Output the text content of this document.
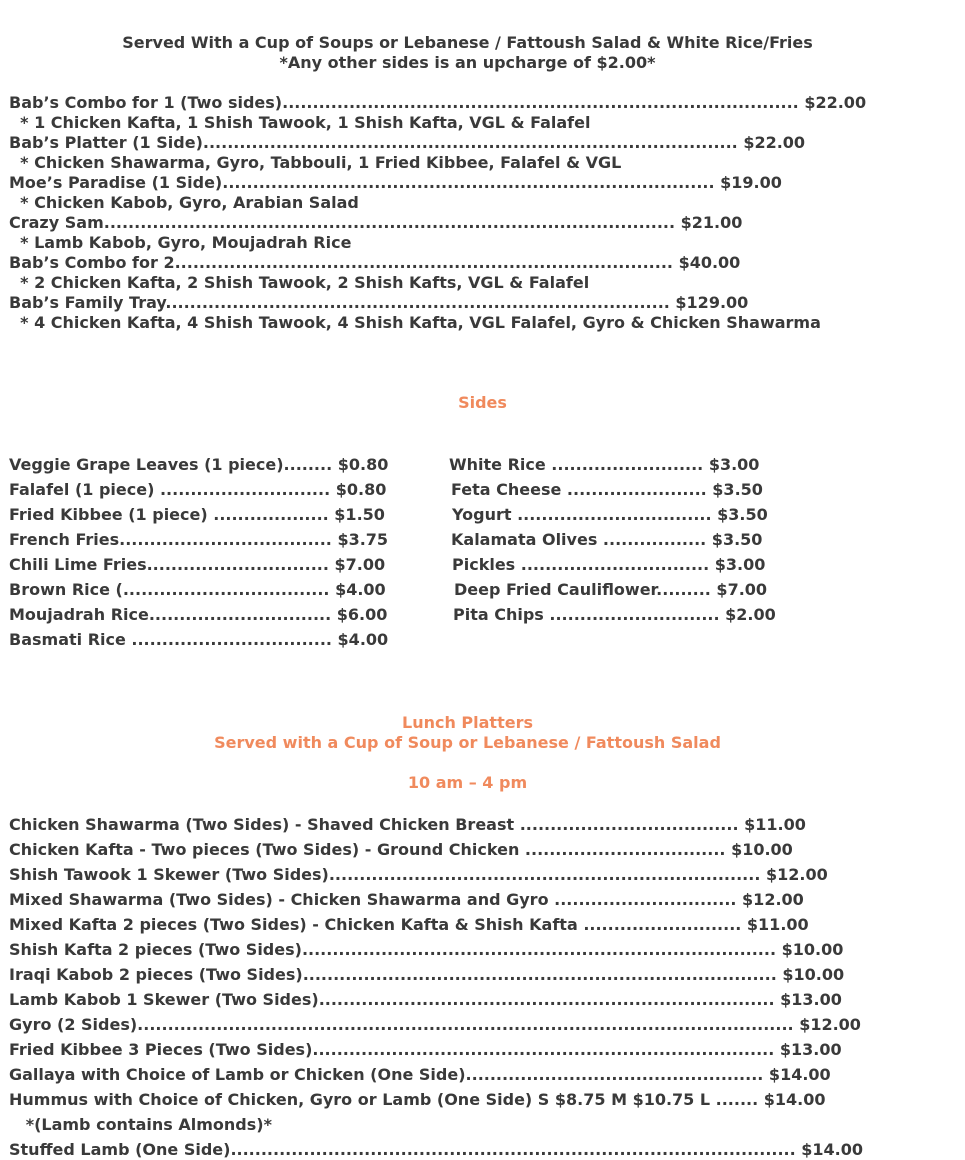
Served With a Cup of Soups or Lebanese / Fattoush Salad & White Rice/Fries
*Any other sides is an upcharge of $2.00*
Bab’s Combo for 1 (Two sides)..................................................................................... $22.00
* 1 Chicken Kafta, 1 Shish Tawook, 1 Shish Kafta, VGL & Falafel
Bab’s Platter (1 Side)........................................................................................ $22.00
* Chicken Shawarma, Gyro, Tabbouli, 1 Fried Kibbee, Falafel & VGL
Moe’s Paradise (1 Side)................................................................................. $19.00
* Chicken Kabob, Gyro, Arabian Salad
Crazy Sam.............................................................................................. $21.00
* Lamb Kabob, Gyro, Moujadrah Rice
Bab’s Combo for 2.................................................................................. $40.00
* 2 Chicken Kafta, 2 Shish Tawook, 2 Shish Kafts, VGL & Falafel
Bab’s Family Tray................................................................................... $129.00
* 4 Chicken Kafta, 4 Shish Tawook, 4 Shish Kafta, VGL Falafel, Gyro & Chicken Shawarma
Sides
Veggie Grape Leaves (1 piece)........ $0.80
Falafel (1 piece) ............................ $0.80
Fried Kibbee (1 piece) ................... $1.50
French Fries................................... $3.75
Chili Lime Fries.............................. $7.00
Brown Rice (.................................. $4.00
Moujadrah Rice.............................. $6.00
Basmati Rice ................................. $4.00
White Rice ......................... $3.00
Feta Cheese ....................... $3.50
Yogurt ................................ $3.50
Kalamata Olives ................. $3.50
Pickles ............................... $3.00
Deep Fried Cauliflower......... $7.00
Pita Chips ............................ $2.00
Lunch Platters
Served with a Cup of Soup or Lebanese / Fattoush Salad
10 am – 4 pm
Chicken Shawarma (Two Sides) - Shaved Chicken Breast .................................... $11.00
Chicken Kafta - Two pieces (Two Sides) - Ground Chicken ................................. $10.00
Shish Tawook 1 Skewer (Two Sides)....................................................................... $12.00
Mixed Shawarma (Two Sides) - Chicken Shawarma and Gyro .............................. $12.00
Mixed Kafta 2 pieces (Two Sides) - Chicken Kafta & Shish Kafta .......................... $11.00
Shish Kafta 2 pieces (Two Sides).............................................................................. $10.00
Iraqi Kabob 2 pieces (Two Sides).............................................................................. $10.00
Lamb Kabob 1 Skewer (Two Sides)........................................................................... $13.00
Gyro (2 Sides)............................................................................................................ $12.00
Fried Kibbee 3 Pieces (Two Sides)............................................................................ $13.00
Gallaya with Choice of Lamb or Chicken (One Side)................................................. $14.00
Hummus with Choice of Chicken, Gyro or Lamb (One Side) S $8.75 M $10.75 L ....... $14.00
*(Lamb contains Almonds)*
Stuffed Lamb (One Side)............................................................................................. $14.00
